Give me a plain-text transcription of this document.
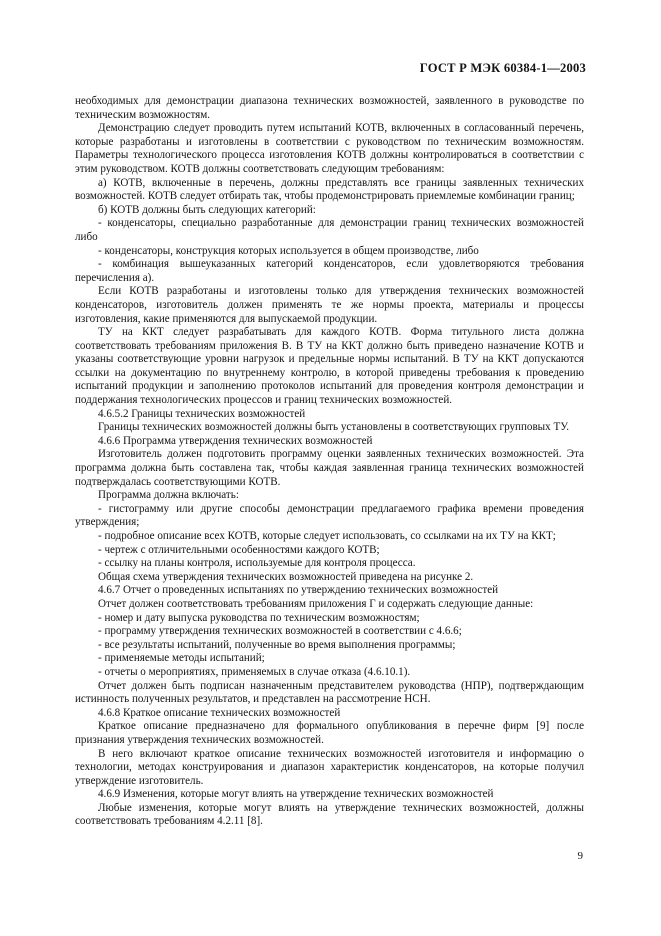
ГОСТ Р МЭК 60384-1—2003

необходимых для демонстрации диапазона технических возможностей, заявленного в руководстве по техническим возможностям.

Демонстрацию следует проводить путем испытаний КОТВ, включенных в согласованный перечень, которые разработаны и изготовлены в соответствии с руководством по техническим возможностям. Параметры технологического процесса изготовления КОТВ должны контролироваться в соответствии с этим руководством. КОТВ должны соответствовать следующим требованиям:

а) КОТВ, включенные в перечень, должны представлять все границы заявленных технических возможностей. КОТВ следует отбирать так, чтобы продемонстрировать приемлемые комбинации границ;

б) КОТВ должны быть следующих категорий:

- конденсаторы, специально разработанные для демонстрации границ технических возможностей либо

- конденсаторы, конструкция которых используется в общем производстве, либо

- комбинация вышеуказанных категорий конденсаторов, если удовлетворяются требования перечисления а).

Если КОТВ разработаны и изготовлены только для утверждения технических возможностей конденсаторов, изготовитель должен применять те же нормы проекта, материалы и процессы изготовления, какие применяются для выпускаемой продукции.

ТУ на ККТ следует разрабатывать для каждого КОТВ. Форма титульного листа должна соответствовать требованиям приложения В. В ТУ на ККТ должно быть приведено назначение КОТВ и указаны соответствующие уровни нагрузок и предельные нормы испытаний. В ТУ на ККТ допускаются ссылки на документацию по внутреннему контролю, в которой приведены требования к проведению испытаний продукции и заполнению протоколов испытаний для проведения контроля демонстрации и поддержания технологических процессов и границ технических возможностей.

4.6.5.2 Границы технических возможностей

Границы технических возможностей должны быть установлены в соответствующих групповых ТУ.

4.6.6 Программа утверждения технических возможностей

Изготовитель должен подготовить программу оценки заявленных технических возможностей. Эта программа должна быть составлена так, чтобы каждая заявленная граница технических возможностей подтверждалась соответствующими КОТВ.

Программа должна включать:

- гистограмму или другие способы демонстрации предлагаемого графика времени проведения утверждения;

- подробное описание всех КОТВ, которые следует использовать, со ссылками на их ТУ на ККТ;

- чертеж с отличительными особенностями каждого КОТВ;

- ссылку на планы контроля, используемые для контроля процесса.

Общая схема утверждения технических возможностей приведена на рисунке 2.

4.6.7 Отчет о проведенных испытаниях по утверждению технических возможностей

Отчет должен соответствовать требованиям приложения Г и содержать следующие данные:

- номер и дату выпуска руководства по техническим возможностям;

- программу утверждения технических возможностей в соответствии с 4.6.6;

- все результаты испытаний, полученные во время выполнения программы;

- применяемые методы испытаний;

- отчеты о мероприятиях, применяемых в случае отказа (4.6.10.1).

Отчет должен быть подписан назначенным представителем руководства (НПР), подтверждающим истинность полученных результатов, и представлен на рассмотрение НСН.

4.6.8 Краткое описание технических возможностей

Краткое описание предназначено для формального опубликования в перечне фирм [9] после признания утверждения технических возможностей.

В него включают краткое описание технических возможностей изготовителя и информацию о технологии, методах конструирования и диапазон характеристик конденсаторов, на которые получил утверждение изготовитель.

4.6.9 Изменения, которые могут влиять на утверждение технических возможностей

Любые изменения, которые могут влиять на утверждение технических возможностей, должны соответствовать требованиям 4.2.11 [8].

9
